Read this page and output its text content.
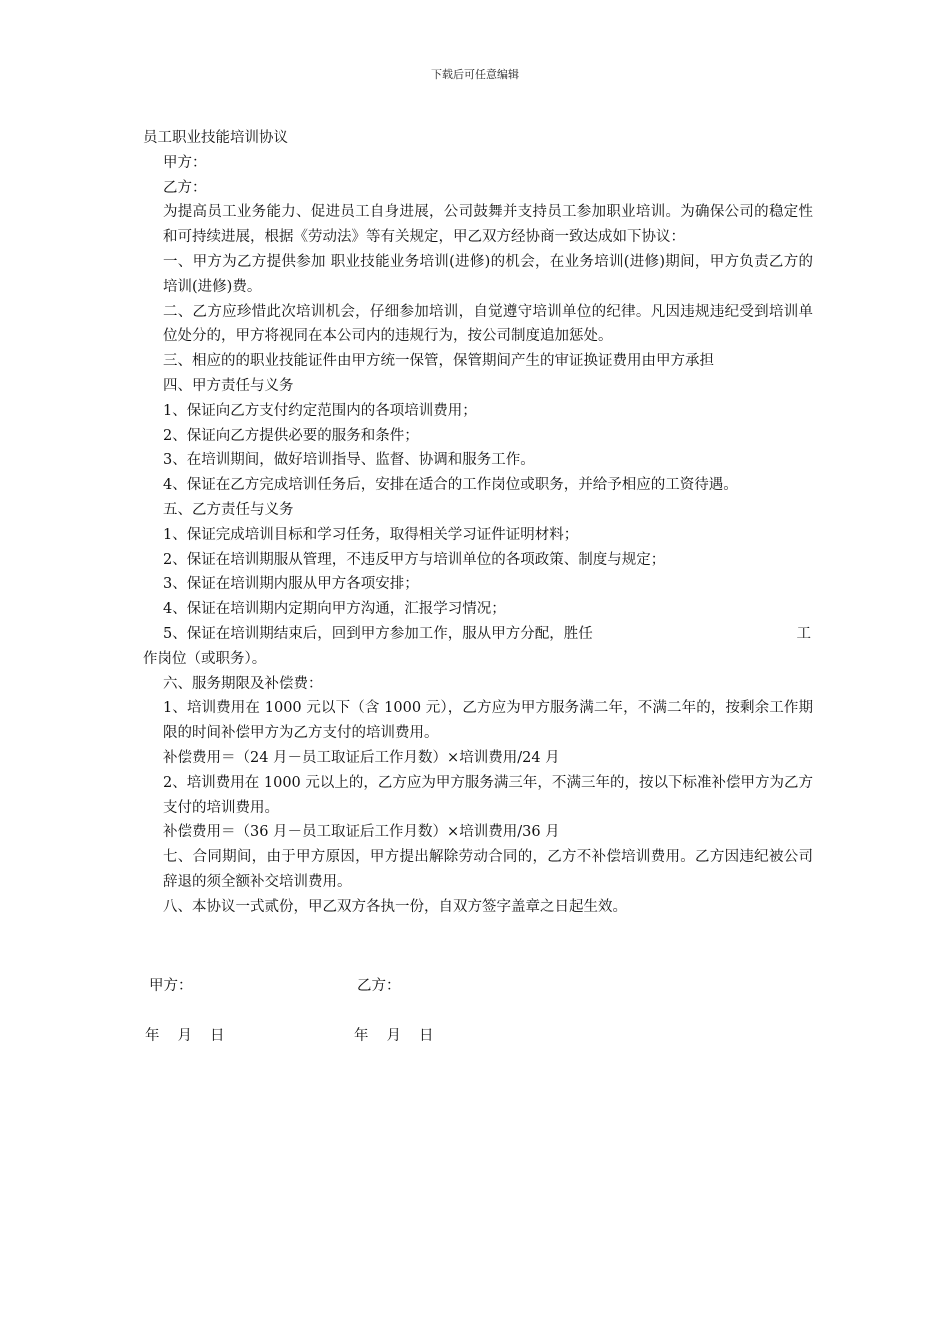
下载后可任意编辑
员工职业技能培训协议
甲方：
乙方：
为提高员工业务能力、促进员工自身进展，公司鼓舞并支持员工参加职业培训。为确保公司的稳定性和可持续进展，根据《劳动法》等有关规定，甲乙双方经协商一致达成如下协议：
一、甲方为乙方提供参加 职业技能业务培训(进修)的机会，在业务培训(进修)期间，甲方负责乙方的培训(进修)费。
二、乙方应珍惜此次培训机会，仔细参加培训，自觉遵守培训单位的纪律。凡因违规违纪受到培训单位处分的，甲方将视同在本公司内的违规行为，按公司制度追加惩处。
三、相应的的职业技能证件由甲方统一保管，保管期间产生的审证换证费用由甲方承担
四、甲方责任与义务
1、保证向乙方支付约定范围内的各项培训费用；
2、保证向乙方提供必要的服务和条件；
3、在培训期间，做好培训指导、监督、协调和服务工作。
4、保证在乙方完成培训任务后，安排在适合的工作岗位或职务，并给予相应的工资待遇。
五、乙方责任与义务
1、保证完成培训目标和学习任务，取得相关学习证件证明材料；
2、保证在培训期服从管理，不违反甲方与培训单位的各项政策、制度与规定；
3、保证在培训期内服从甲方各项安排；
4、保证在培训期内定期向甲方沟通，汇报学习情况；
5、保证在培训期结束后，回到甲方参加工作，服从甲方分配，胜任	工
作岗位（或职务）。
六、服务期限及补偿费：
1、培训费用在 1000 元以下（含 1000 元），乙方应为甲方服务满二年，不满二年的，按剩余工作期限的时间补偿甲方为乙方支付的培训费用。
补偿费用＝（24 月－员工取证后工作月数）×培训费用/24 月
2、培训费用在 1000 元以上的，乙方应为甲方服务满三年，不满三年的，按以下标准补偿甲方为乙方支付的培训费用。
补偿费用＝（36 月－员工取证后工作月数）×培训费用/36 月
七、合同期间，由于甲方原因，甲方提出解除劳动合同的，乙方不补偿培训费用。乙方因违纪被公司辞退的须全额补交培训费用。
八、本协议一式贰份，甲乙双方各执一份，自双方签字盖章之日起生效。
甲方：	乙方：
年 月 日	年 月 日
